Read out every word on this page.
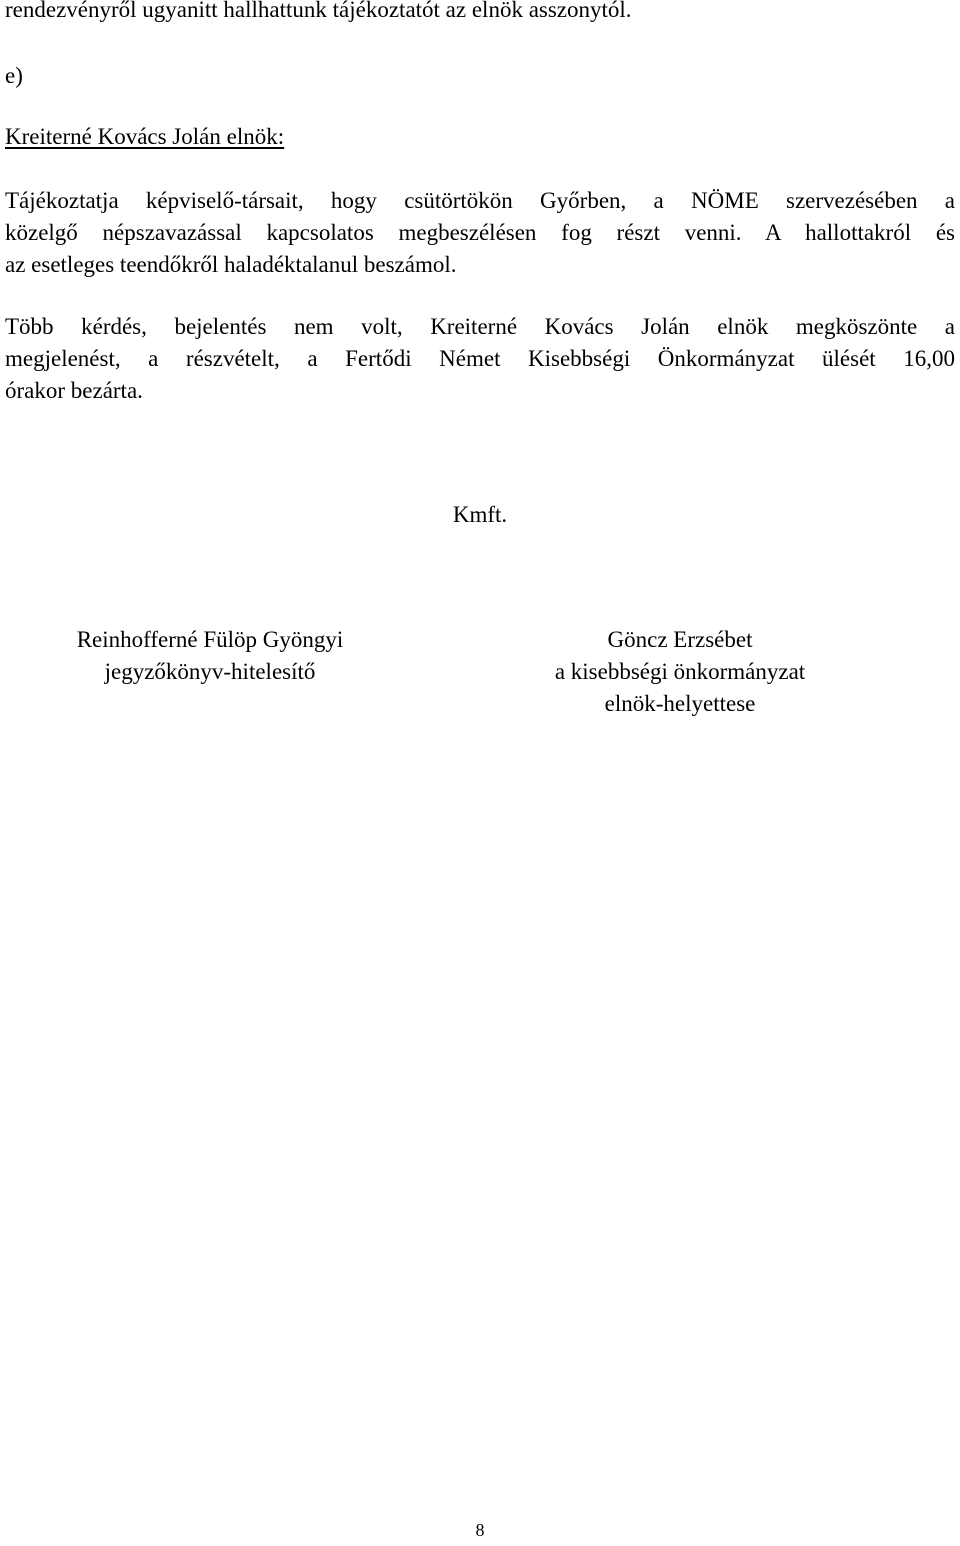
rendezvényről ugyanitt hallhattunk tájékoztatót az elnök asszonytól.
e)
Kreiterné Kovács Jolán elnök:
Tájékoztatja képviselő-társait, hogy csütörtökön Győrben, a NÖME szervezésében a
közelgő népszavazással kapcsolatos megbeszélésen fog részt venni. A hallottakról és
az esetleges teendőkről haladéktalanul beszámol.
Több kérdés, bejelentés nem volt, Kreiterné Kovács Jolán elnök megköszönte a
megjelenést, a részvételt, a Fertődi Német Kisebbségi Önkormányzat ülését 16,00
órakor bezárta.
Kmft.
Reinhofferné Fülöp Gyöngyi
jegyzőkönyv-hitelesítő
Göncz Erzsébet
a kisebbségi önkormányzat
elnök-helyettese
8
